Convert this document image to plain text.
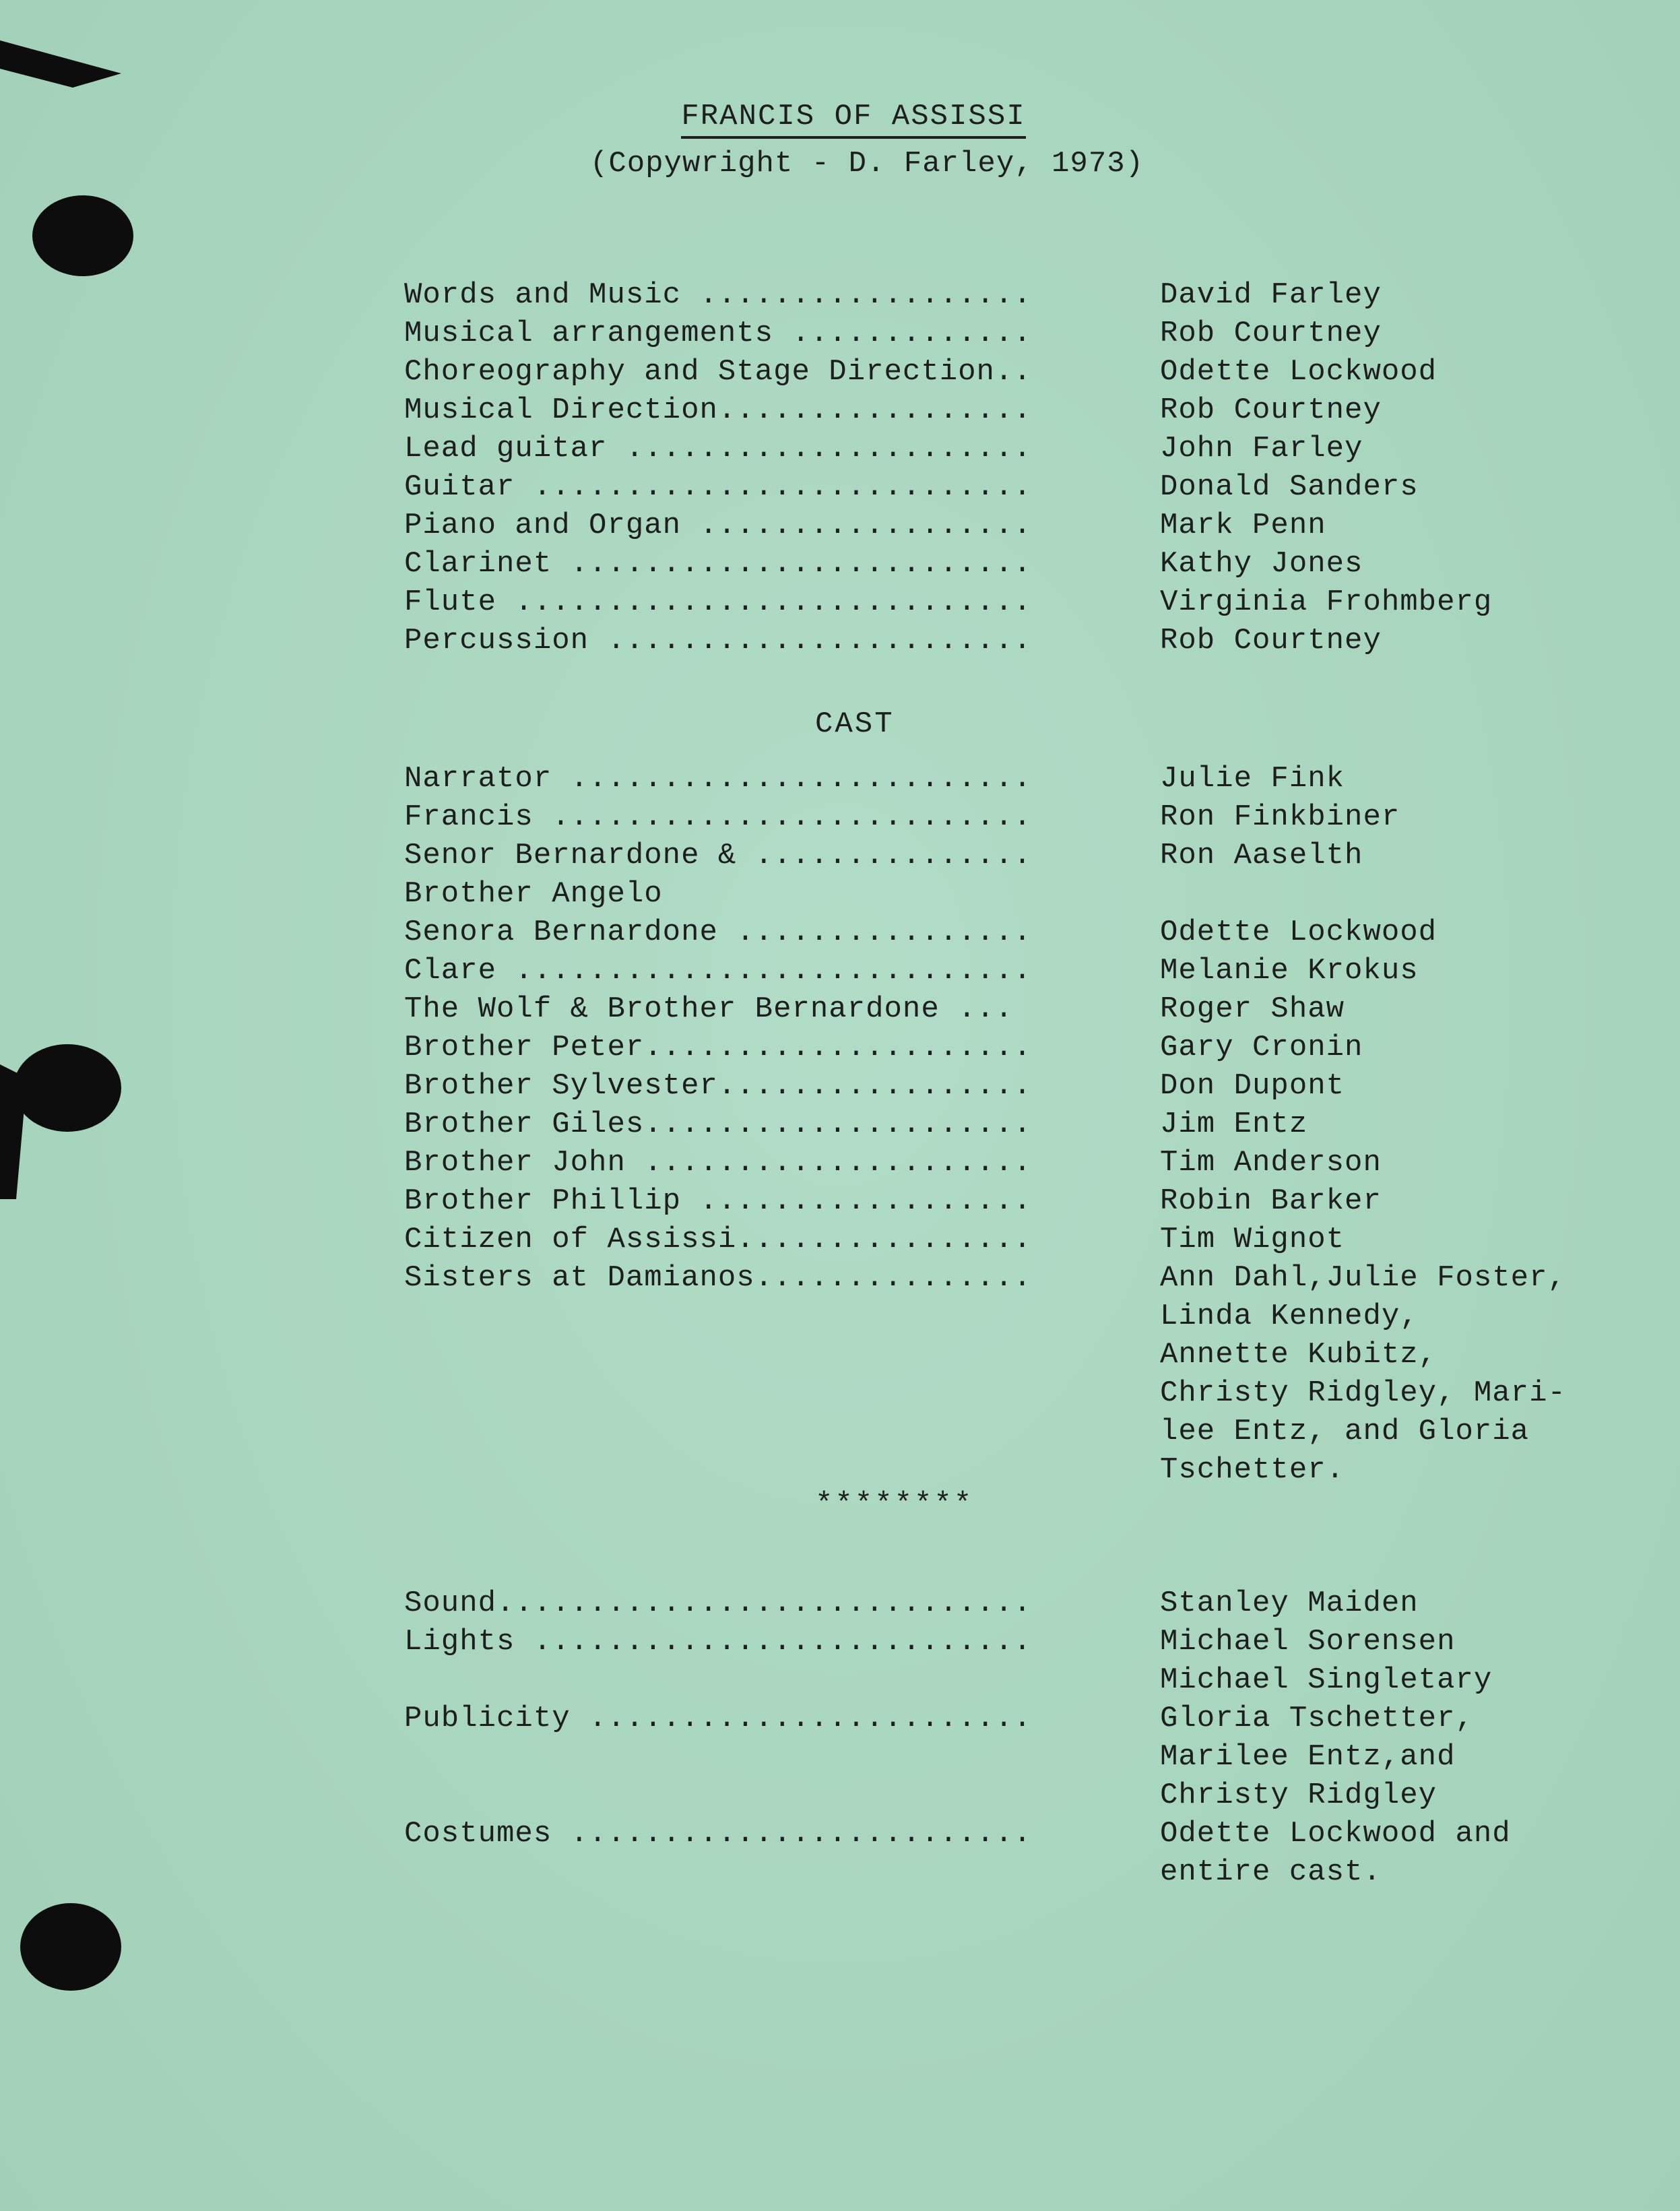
FRANCIS OF ASSISSI
(Copywright - D. Farley, 1973)
Words and Music ..................	David Farley
Musical arrangements .............	Rob Courtney
Choreography and Stage Direction..	Odette Lockwood
Musical Direction.................	Rob Courtney
Lead guitar ......................	John Farley
Guitar ...........................	Donald Sanders
Piano and Organ ..................	Mark Penn
Clarinet .........................	Kathy Jones
Flute ............................	Virginia Frohmberg
Percussion .......................	Rob Courtney
CAST
Narrator .........................	Julie Fink
Francis ..........................	Ron Finkbiner
Senor Bernardone & ...............	Ron Aaselth
Brother Angelo
Senora Bernardone ................	Odette Lockwood
Clare ............................	Melanie Krokus
The Wolf & Brother Bernardone ...	Roger Shaw
Brother Peter.....................	Gary Cronin
Brother Sylvester.................	Don Dupont
Brother Giles.....................	Jim Entz
Brother John .....................	Tim Anderson
Brother Phillip ..................	Robin Barker
Citizen of Assissi................	Tim Wignot
Sisters at Damianos...............	Ann Dahl,Julie Foster,
Linda Kennedy,
Annette Kubitz,
Christy Ridgley, Mari-
lee Entz, and Gloria
Tschetter.
********
Sound.............................	Stanley Maiden
Lights ...........................	Michael Sorensen
Michael Singletary
Publicity ........................	Gloria Tschetter,
Marilee Entz,and
Christy Ridgley
Costumes .........................	Odette Lockwood and
entire cast.
